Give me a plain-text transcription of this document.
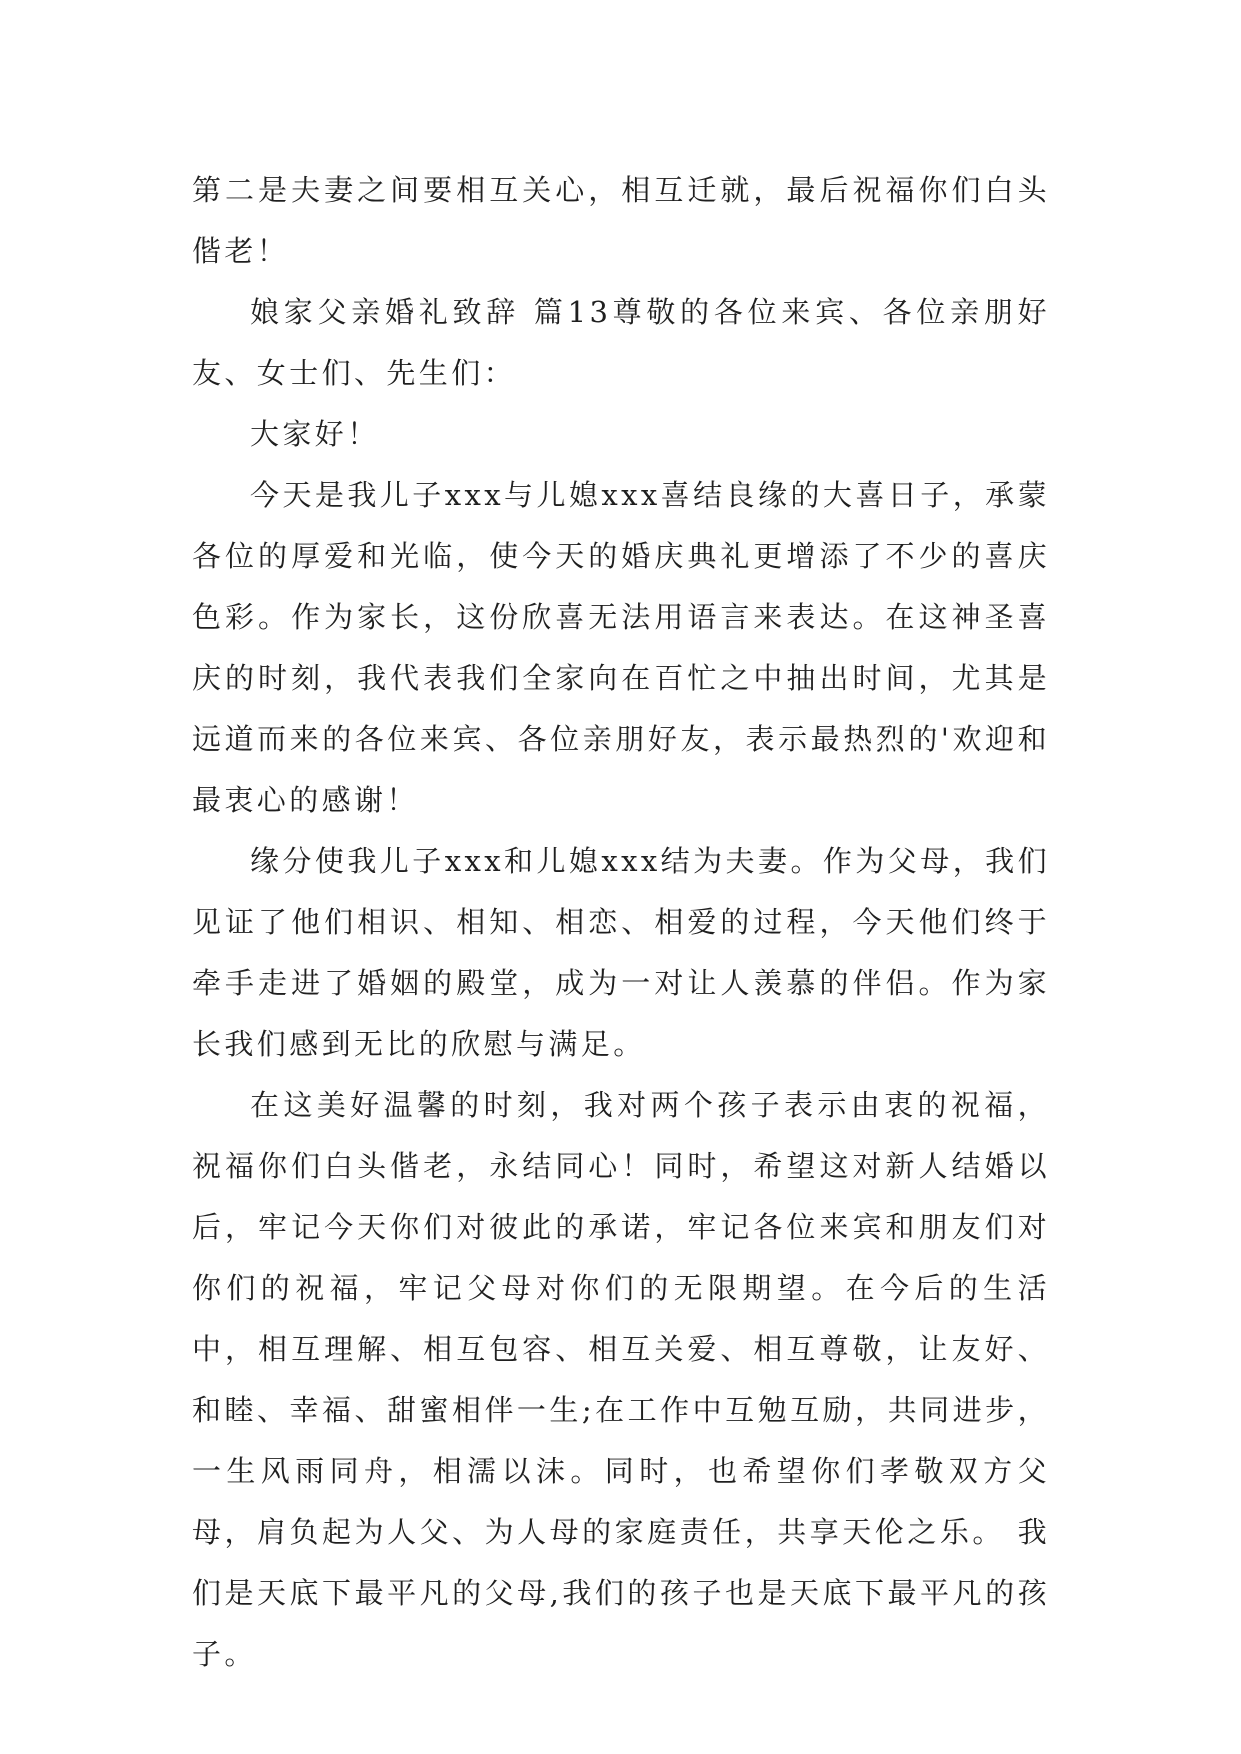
第二是夫妻之间要相互关心，相互迁就，最后祝福你们白头偕老！

娘家父亲婚礼致辞 篇13尊敬的各位来宾、各位亲朋好友、女士们、先生们：

大家好！

今天是我儿子xxx与儿媳xxx喜结良缘的大喜日子，承蒙各位的厚爱和光临，使今天的婚庆典礼更增添了不少的喜庆色彩。作为家长，这份欣喜无法用语言来表达。在这神圣喜庆的时刻，我代表我们全家向在百忙之中抽出时间，尤其是远道而来的各位来宾、各位亲朋好友，表示最热烈的'欢迎和最衷心的感谢！

缘分使我儿子xxx和儿媳xxx结为夫妻。作为父母，我们见证了他们相识、相知、相恋、相爱的过程，今天他们终于牵手走进了婚姻的殿堂，成为一对让人羡慕的伴侣。作为家长我们感到无比的欣慰与满足。

在这美好温馨的时刻，我对两个孩子表示由衷的祝福，祝福你们白头偕老，永结同心！同时，希望这对新人结婚以后，牢记今天你们对彼此的承诺，牢记各位来宾和朋友们对你们的祝福，牢记父母对你们的无限期望。在今后的生活中，相互理解、相互包容、相互关爱、相互尊敬，让友好、和睦、幸福、甜蜜相伴一生;在工作中互勉互励，共同进步，一生风雨同舟，相濡以沫。同时，也希望你们孝敬双方父母，肩负起为人父、为人母的家庭责任，共享天伦之乐。 我们是天底下最平凡的父母,我们的孩子也是天底下最平凡的孩子。
